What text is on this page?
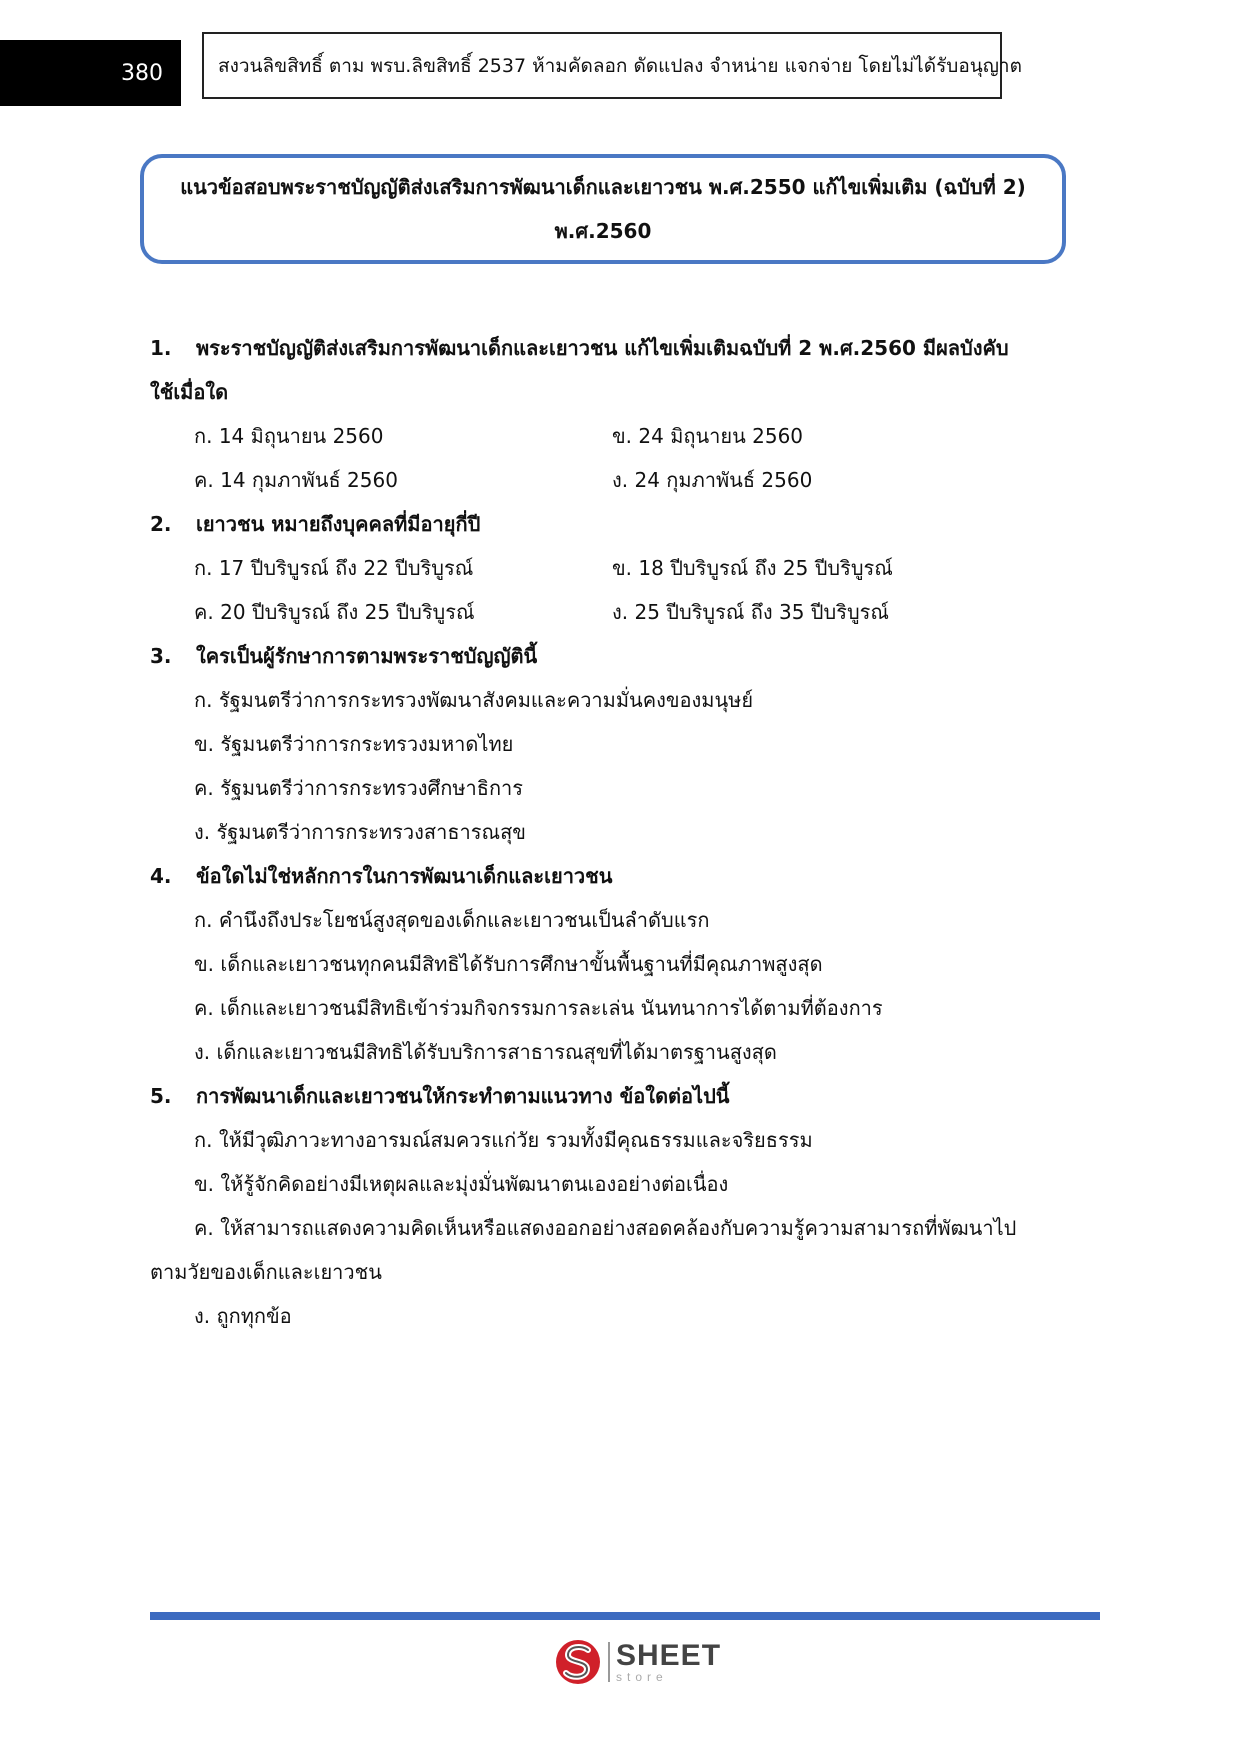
380	สงวนลิขสิทธิ์ ตาม พรบ.ลิขสิทธิ์ 2537 ห้ามคัดลอก ดัดแปลง จำหน่าย แจกจ่าย โดยไม่ได้รับอนุญาต
แนวข้อสอบพระราชบัญญัติส่งเสริมการพัฒนาเด็กและเยาวชน พ.ศ.2550 แก้ไขเพิ่มเติม (ฉบับที่ 2)
พ.ศ.2560
1.	พระราชบัญญัติส่งเสริมการพัฒนาเด็กและเยาวชน แก้ไขเพิ่มเติมฉบับที่ 2 พ.ศ.2560 มีผลบังคับ
ใช้เมื่อใด
ก. 14 มิถุนายน 2560	ข. 24 มิถุนายน 2560
ค. 14 กุมภาพันธ์ 2560	ง. 24 กุมภาพันธ์ 2560
2.	เยาวชน หมายถึงบุคคลที่มีอายุกี่ปี
ก. 17 ปีบริบูรณ์ ถึง 22 ปีบริบูรณ์	ข. 18 ปีบริบูรณ์ ถึง 25 ปีบริบูรณ์
ค. 20 ปีบริบูรณ์ ถึง 25 ปีบริบูรณ์	ง. 25 ปีบริบูรณ์ ถึง 35 ปีบริบูรณ์
3.	ใครเป็นผู้รักษาการตามพระราชบัญญัตินี้
ก. รัฐมนตรีว่าการกระทรวงพัฒนาสังคมและความมั่นคงของมนุษย์
ข. รัฐมนตรีว่าการกระทรวงมหาดไทย
ค. รัฐมนตรีว่าการกระทรวงศึกษาธิการ
ง. รัฐมนตรีว่าการกระทรวงสาธารณสุข
4.	ข้อใดไม่ใช่หลักการในการพัฒนาเด็กและเยาวชน
ก. คำนึงถึงประโยชน์สูงสุดของเด็กและเยาวชนเป็นลำดับแรก
ข. เด็กและเยาวชนทุกคนมีสิทธิได้รับการศึกษาขั้นพื้นฐานที่มีคุณภาพสูงสุด
ค. เด็กและเยาวชนมีสิทธิเข้าร่วมกิจกรรมการละเล่น นันทนาการได้ตามที่ต้องการ
ง. เด็กและเยาวชนมีสิทธิได้รับบริการสาธารณสุขที่ได้มาตรฐานสูงสุด
5.	การพัฒนาเด็กและเยาวชนให้กระทำตามแนวทาง ข้อใดต่อไปนี้
ก. ให้มีวุฒิภาวะทางอารมณ์สมควรแก่วัย รวมทั้งมีคุณธรรมและจริยธรรม
ข. ให้รู้จักคิดอย่างมีเหตุผลและมุ่งมั่นพัฒนาตนเองอย่างต่อเนื่อง
ค. ให้สามารถแสดงความคิดเห็นหรือแสดงออกอย่างสอดคล้องกับความรู้ความสามารถที่พัฒนาไป
ตามวัยของเด็กและเยาวชน
ง. ถูกทุกข้อ
SHEET
store
